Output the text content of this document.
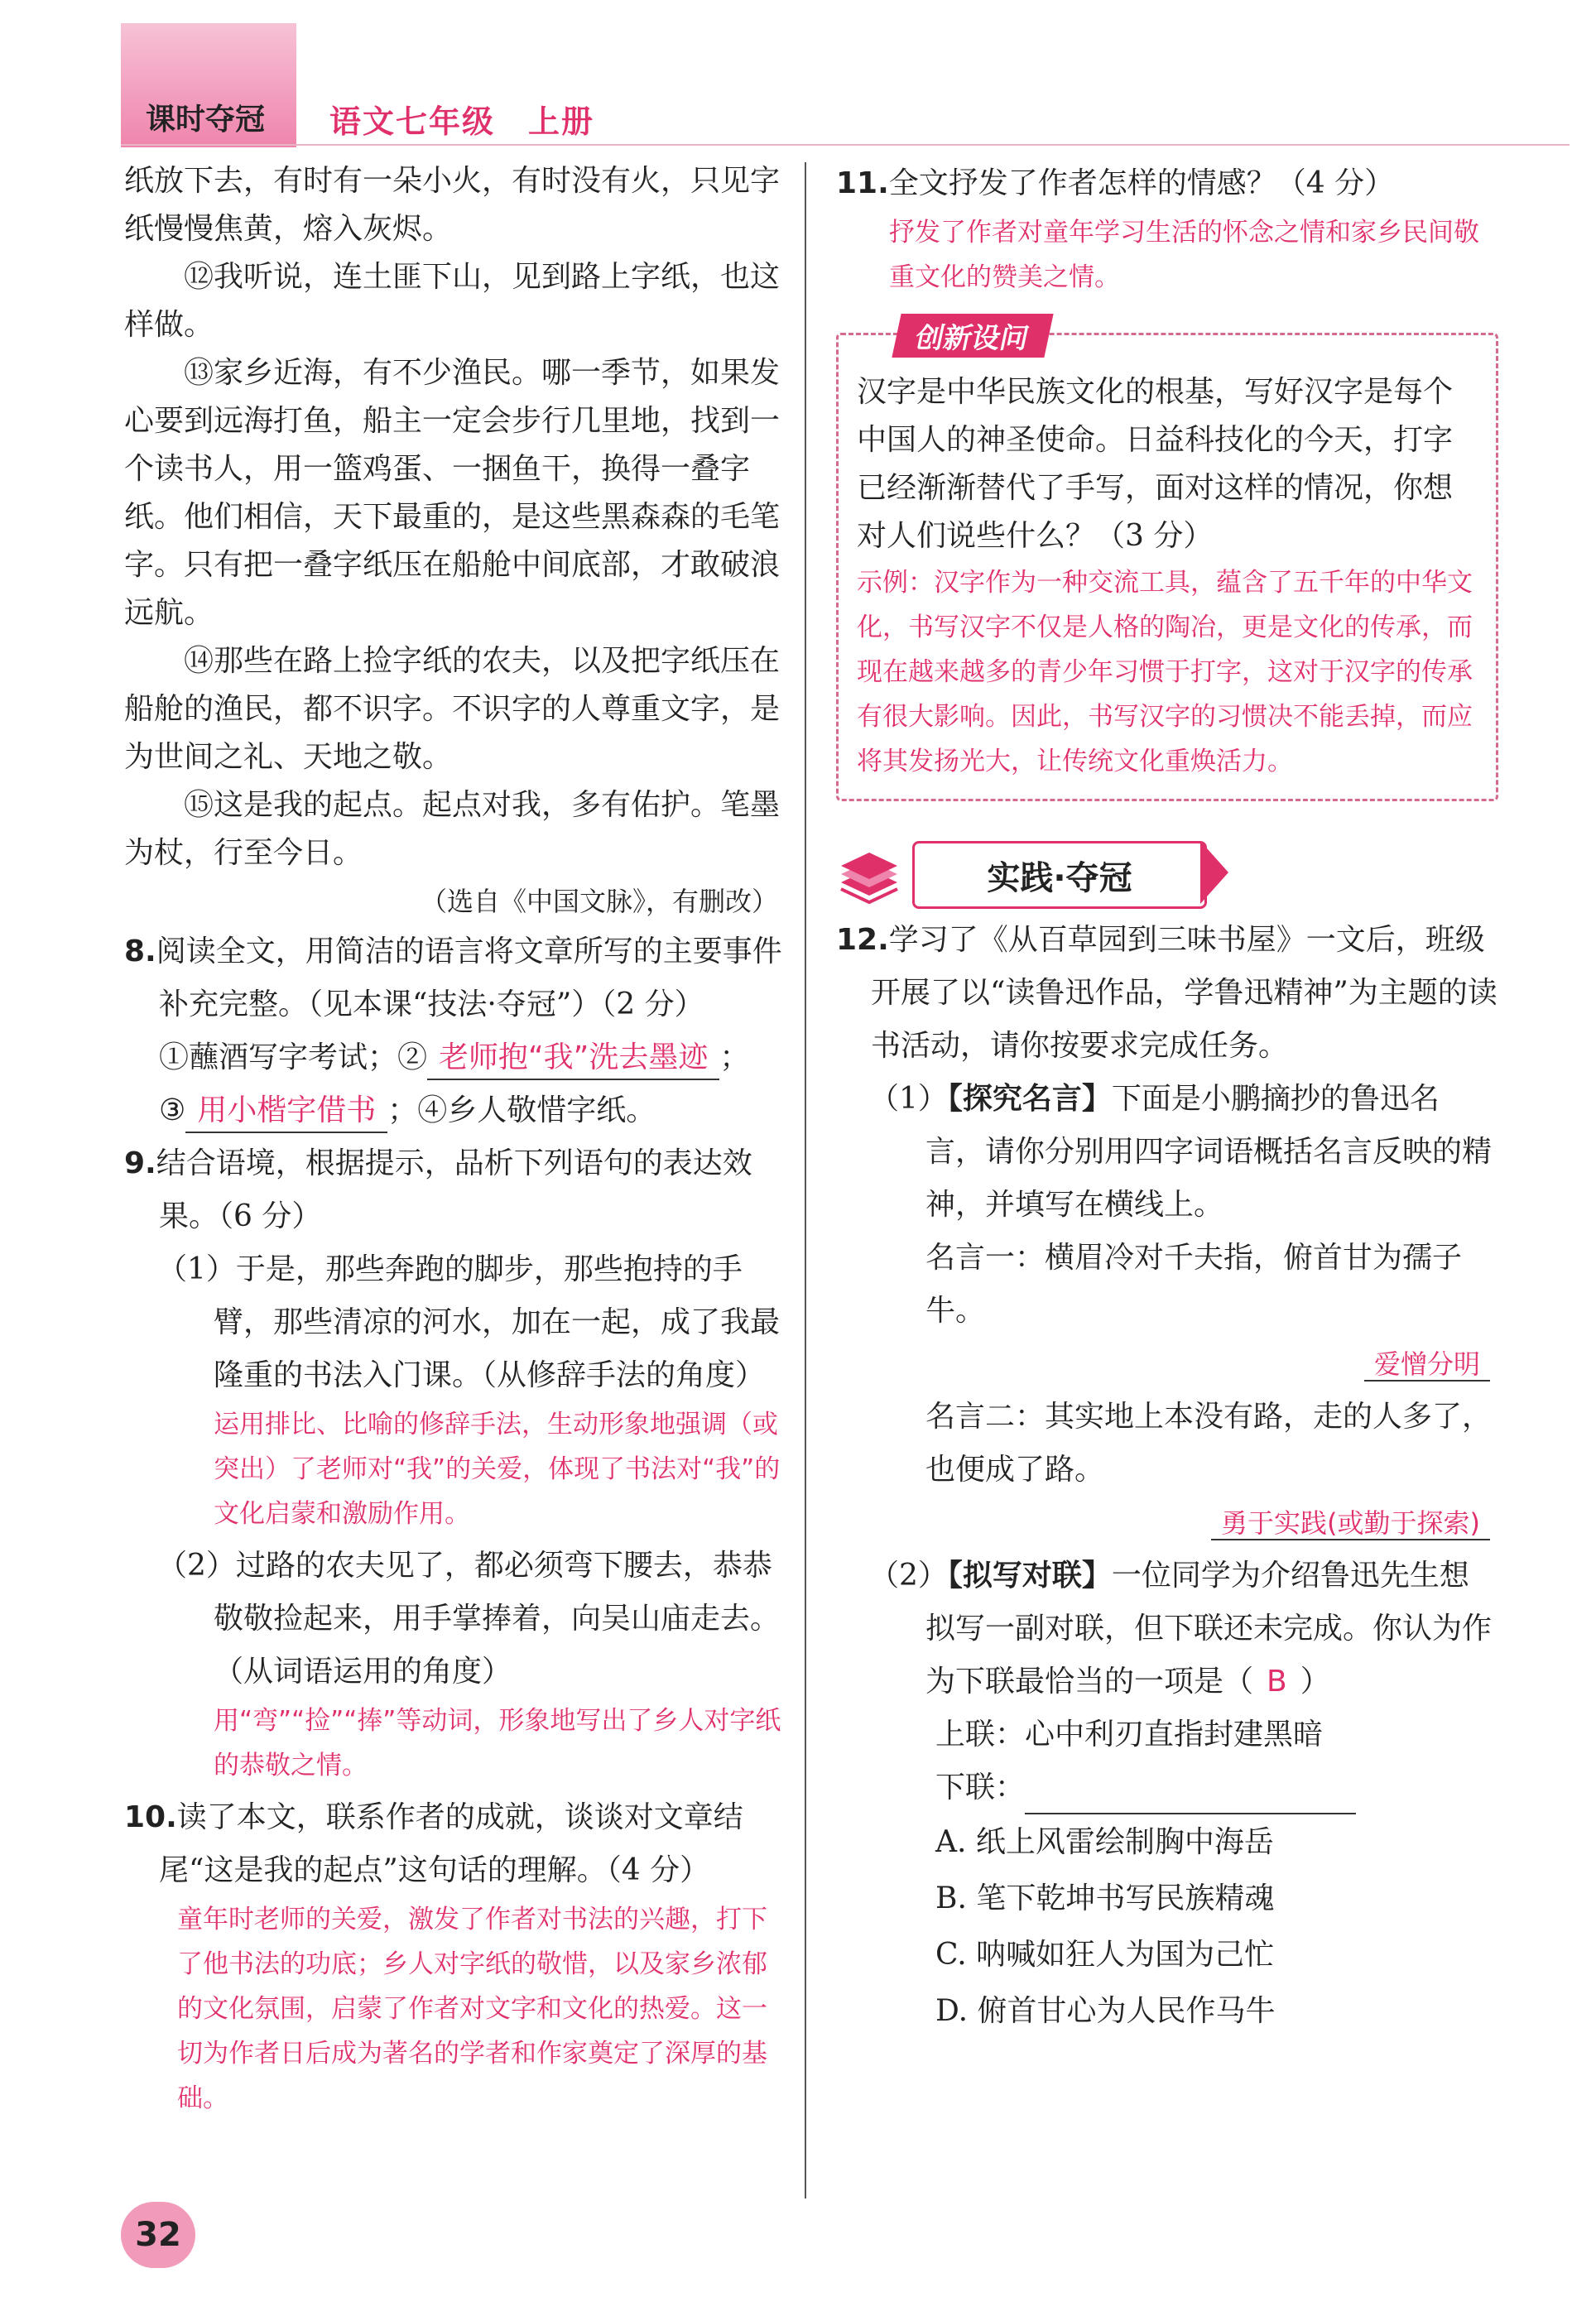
课时夺冠 语文七年级　上册

纸放下去，有时有一朵小火，有时没有火，只见字纸慢慢焦黄，熔入灰烬。

⑫我听说，连土匪下山，见到路上字纸，也这样做。

⑬家乡近海，有不少渔民。哪一季节，如果发心要到远海打鱼，船主一定会步行几里地，找到一个读书人，用一篮鸡蛋、一捆鱼干，换得一叠字纸。他们相信，天下最重的，是这些黑森森的毛笔字。只有把一叠字纸压在船舱中间底部，才敢破浪远航。

⑭那些在路上捡字纸的农夫，以及把字纸压在船舱的渔民，都不识字。不识字的人尊重文字，是为世间之礼、天地之敬。

⑮这是我的起点。起点对我，多有佑护。笔墨为杖，行至今日。

（选自《中国文脉》，有删改）

8.阅读全文，用简洁的语言将文章所写的主要事件补充完整。（见本课“技法·夺冠”）（2 分）

①蘸酒写字考试；② 老师抱“我”洗去墨迹 ；

③ 用小楷字借书 ；④乡人敬惜字纸。

9.结合语境，根据提示，品析下列语句的表达效果。（6 分）

（1）于是，那些奔跑的脚步，那些抱持的手臂，那些清凉的河水，加在一起，成了我最隆重的书法入门课。（从修辞手法的角度）

运用排比、比喻的修辞手法，生动形象地强调（或突出）了老师对“我”的关爱，体现了书法对“我”的文化启蒙和激励作用。

（2）过路的农夫见了，都必须弯下腰去，恭恭敬敬捡起来，用手掌捧着，向吴山庙走去。（从词语运用的角度）

用“弯”“捡”“捧”等动词，形象地写出了乡人对字纸的恭敬之情。

10.读了本文，联系作者的成就，谈谈对文章结尾“这是我的起点”这句话的理解。（4 分）

童年时老师的关爱，激发了作者对书法的兴趣，打下了他书法的功底；乡人对字纸的敬惜，以及家乡浓郁的文化氛围，启蒙了作者对文字和文化的热爱。这一切为作者日后成为著名的学者和作家奠定了深厚的基础。

11.全文抒发了作者怎样的情感？（4 分）

抒发了作者对童年学习生活的怀念之情和家乡民间敬重文化的赞美之情。

创新设问

汉字是中华民族文化的根基，写好汉字是每个中国人的神圣使命。日益科技化的今天，打字已经渐渐替代了手写，面对这样的情况，你想对人们说些什么？（3 分）

示例：汉字作为一种交流工具，蕴含了五千年的中华文化，书写汉字不仅是人格的陶冶，更是文化的传承，而现在越来越多的青少年习惯于打字，这对于汉字的传承有很大影响。因此，书写汉字的习惯决不能丢掉，而应将其发扬光大，让传统文化重焕活力。

实践·夺冠

12.学习了《从百草园到三味书屋》一文后，班级开展了以“读鲁迅作品，学鲁迅精神”为主题的读书活动，请你按要求完成任务。

（1）【探究名言】下面是小鹏摘抄的鲁迅名言，请你分别用四字词语概括名言反映的精神，并填写在横线上。

名言一：横眉冷对千夫指，俯首甘为孺子牛。

爱憎分明

名言二：其实地上本没有路，走的人多了，也便成了路。

勇于实践(或勤于探索)

（2）【拟写对联】一位同学为介绍鲁迅先生想拟写一副对联，但下联还未完成。你认为作为下联最恰当的一项是（ B ）

上联：心中利刃直指封建黑暗

下联：

A. 纸上风雷绘制胸中海岳

B. 笔下乾坤书写民族精魂

C. 呐喊如狂人为国为己忙

D. 俯首甘心为人民作马牛

32
